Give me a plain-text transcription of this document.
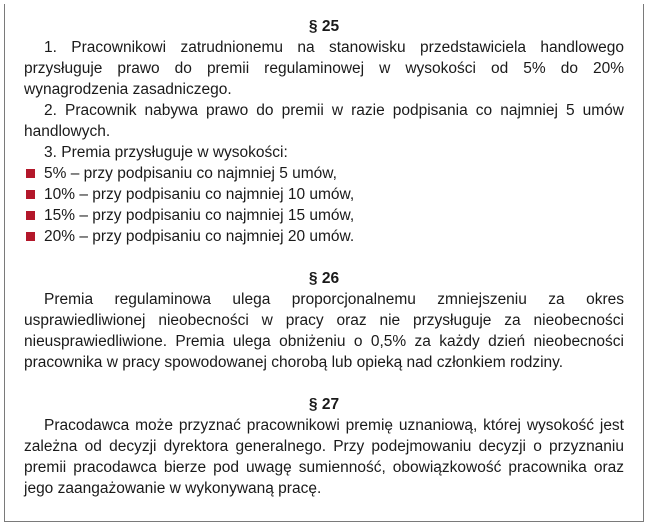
§ 25

1. Pracownikowi zatrudnionemu na stanowisku przedstawiciela handlowego przysługuje prawo do premii regulaminowej w wysokości od 5% do 20% wynagrodzenia zasadniczego.

2. Pracownik nabywa prawo do premii w razie podpisania co najmniej 5 umów handlowych.

3. Premia przysługuje w wysokości:

5% – przy podpisaniu co najmniej 5 umów,
10% – przy podpisaniu co najmniej 10 umów,
15% – przy podpisaniu co najmniej 15 umów,
20% – przy podpisaniu co najmniej 20 umów.

§ 26

Premia regulaminowa ulega proporcjonalnemu zmniejszeniu za okres usprawiedliwionej nieobecności w pracy oraz nie przysługuje za nieobecności nieusprawiedliwione. Premia ulega obniżeniu o 0,5% za każdy dzień nieobecności pracownika w pracy spowodowanej chorobą lub opieką nad członkiem rodziny.

§ 27

Pracodawca może przyznać pracownikowi premię uznaniową, której wysokość jest zależna od decyzji dyrektora generalnego. Przy podejmowaniu decyzji o przyznaniu premii pracodawca bierze pod uwagę sumienność, obowiązkowość pracownika oraz jego zaangażowanie w wykonywaną pracę.
